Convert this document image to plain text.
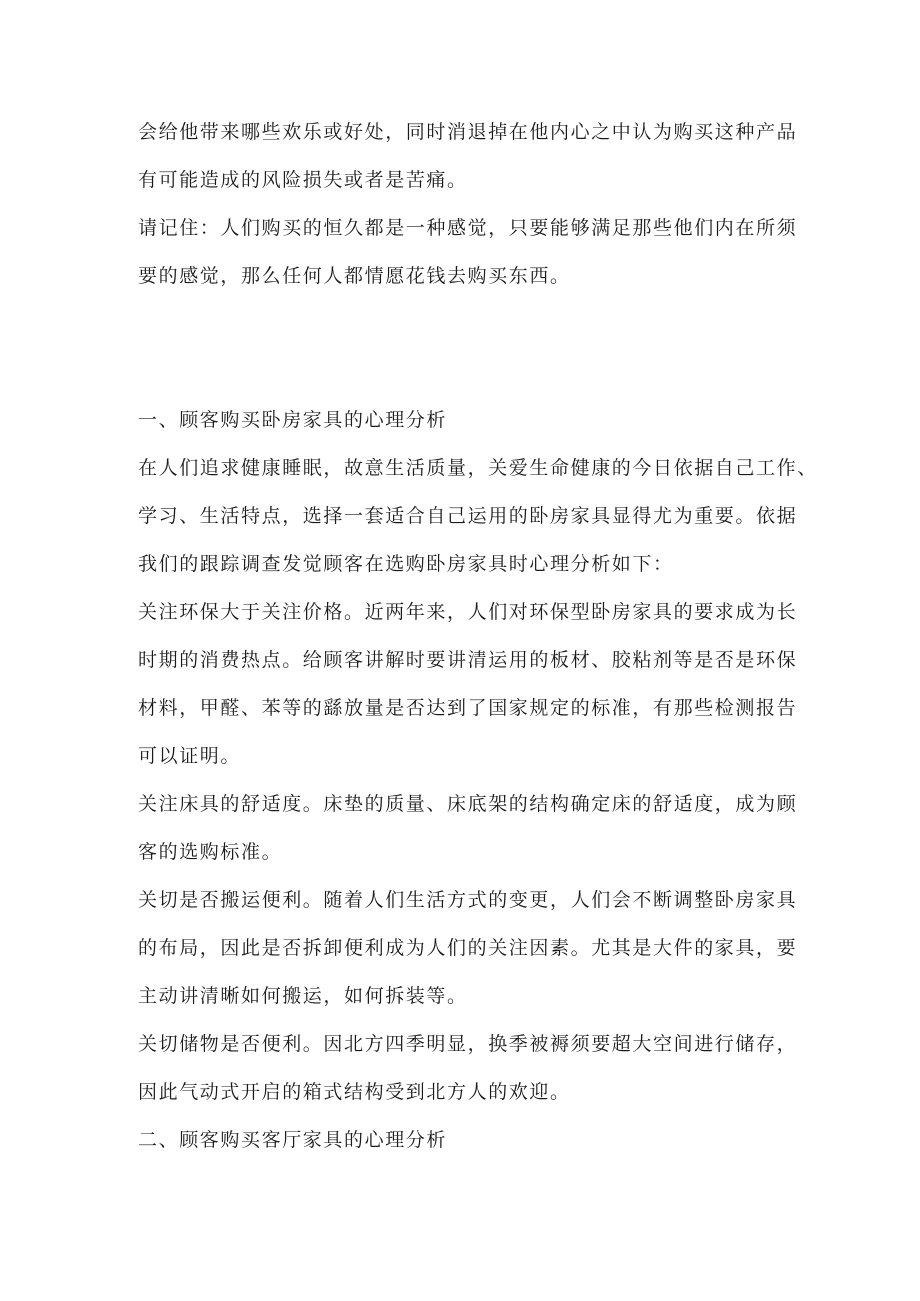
会给他带来哪些欢乐或好处，同时消退掉在他内心之中认为购买这种产品
有可能造成的风险损失或者是苦痛。
请记住：人们购买的恒久都是一种感觉，只要能够满足那些他们内在所须
要的感觉，那么任何人都情愿花钱去购买东西。
一、顾客购买卧房家具的心理分析
在人们追求健康睡眠，故意生活质量，关爱生命健康的今日依据自己工作、
学习、生活特点，选择一套适合自己运用的卧房家具显得尤为重要。依据
我们的跟踪调查发觉顾客在选购卧房家具时心理分析如下：
关注环保大于关注价格。近两年来，人们对环保型卧房家具的要求成为长
时期的消费热点。给顾客讲解时要讲清运用的板材、胶粘剂等是否是环保
材料，甲醛、苯等的繇放量是否达到了国家规定的标准，有那些检测报告
可以证明。
关注床具的舒适度。床垫的质量、床底架的结构确定床的舒适度，成为顾
客的选购标准。
关切是否搬运便利。随着人们生活方式的变更，人们会不断调整卧房家具
的布局，因此是否拆卸便利成为人们的关注因素。尤其是大件的家具，要
主动讲清晰如何搬运，如何拆装等。
关切储物是否便利。因北方四季明显，换季被褥须要超大空间进行储存，
因此气动式开启的箱式结构受到北方人的欢迎。
二、顾客购买客厅家具的心理分析
